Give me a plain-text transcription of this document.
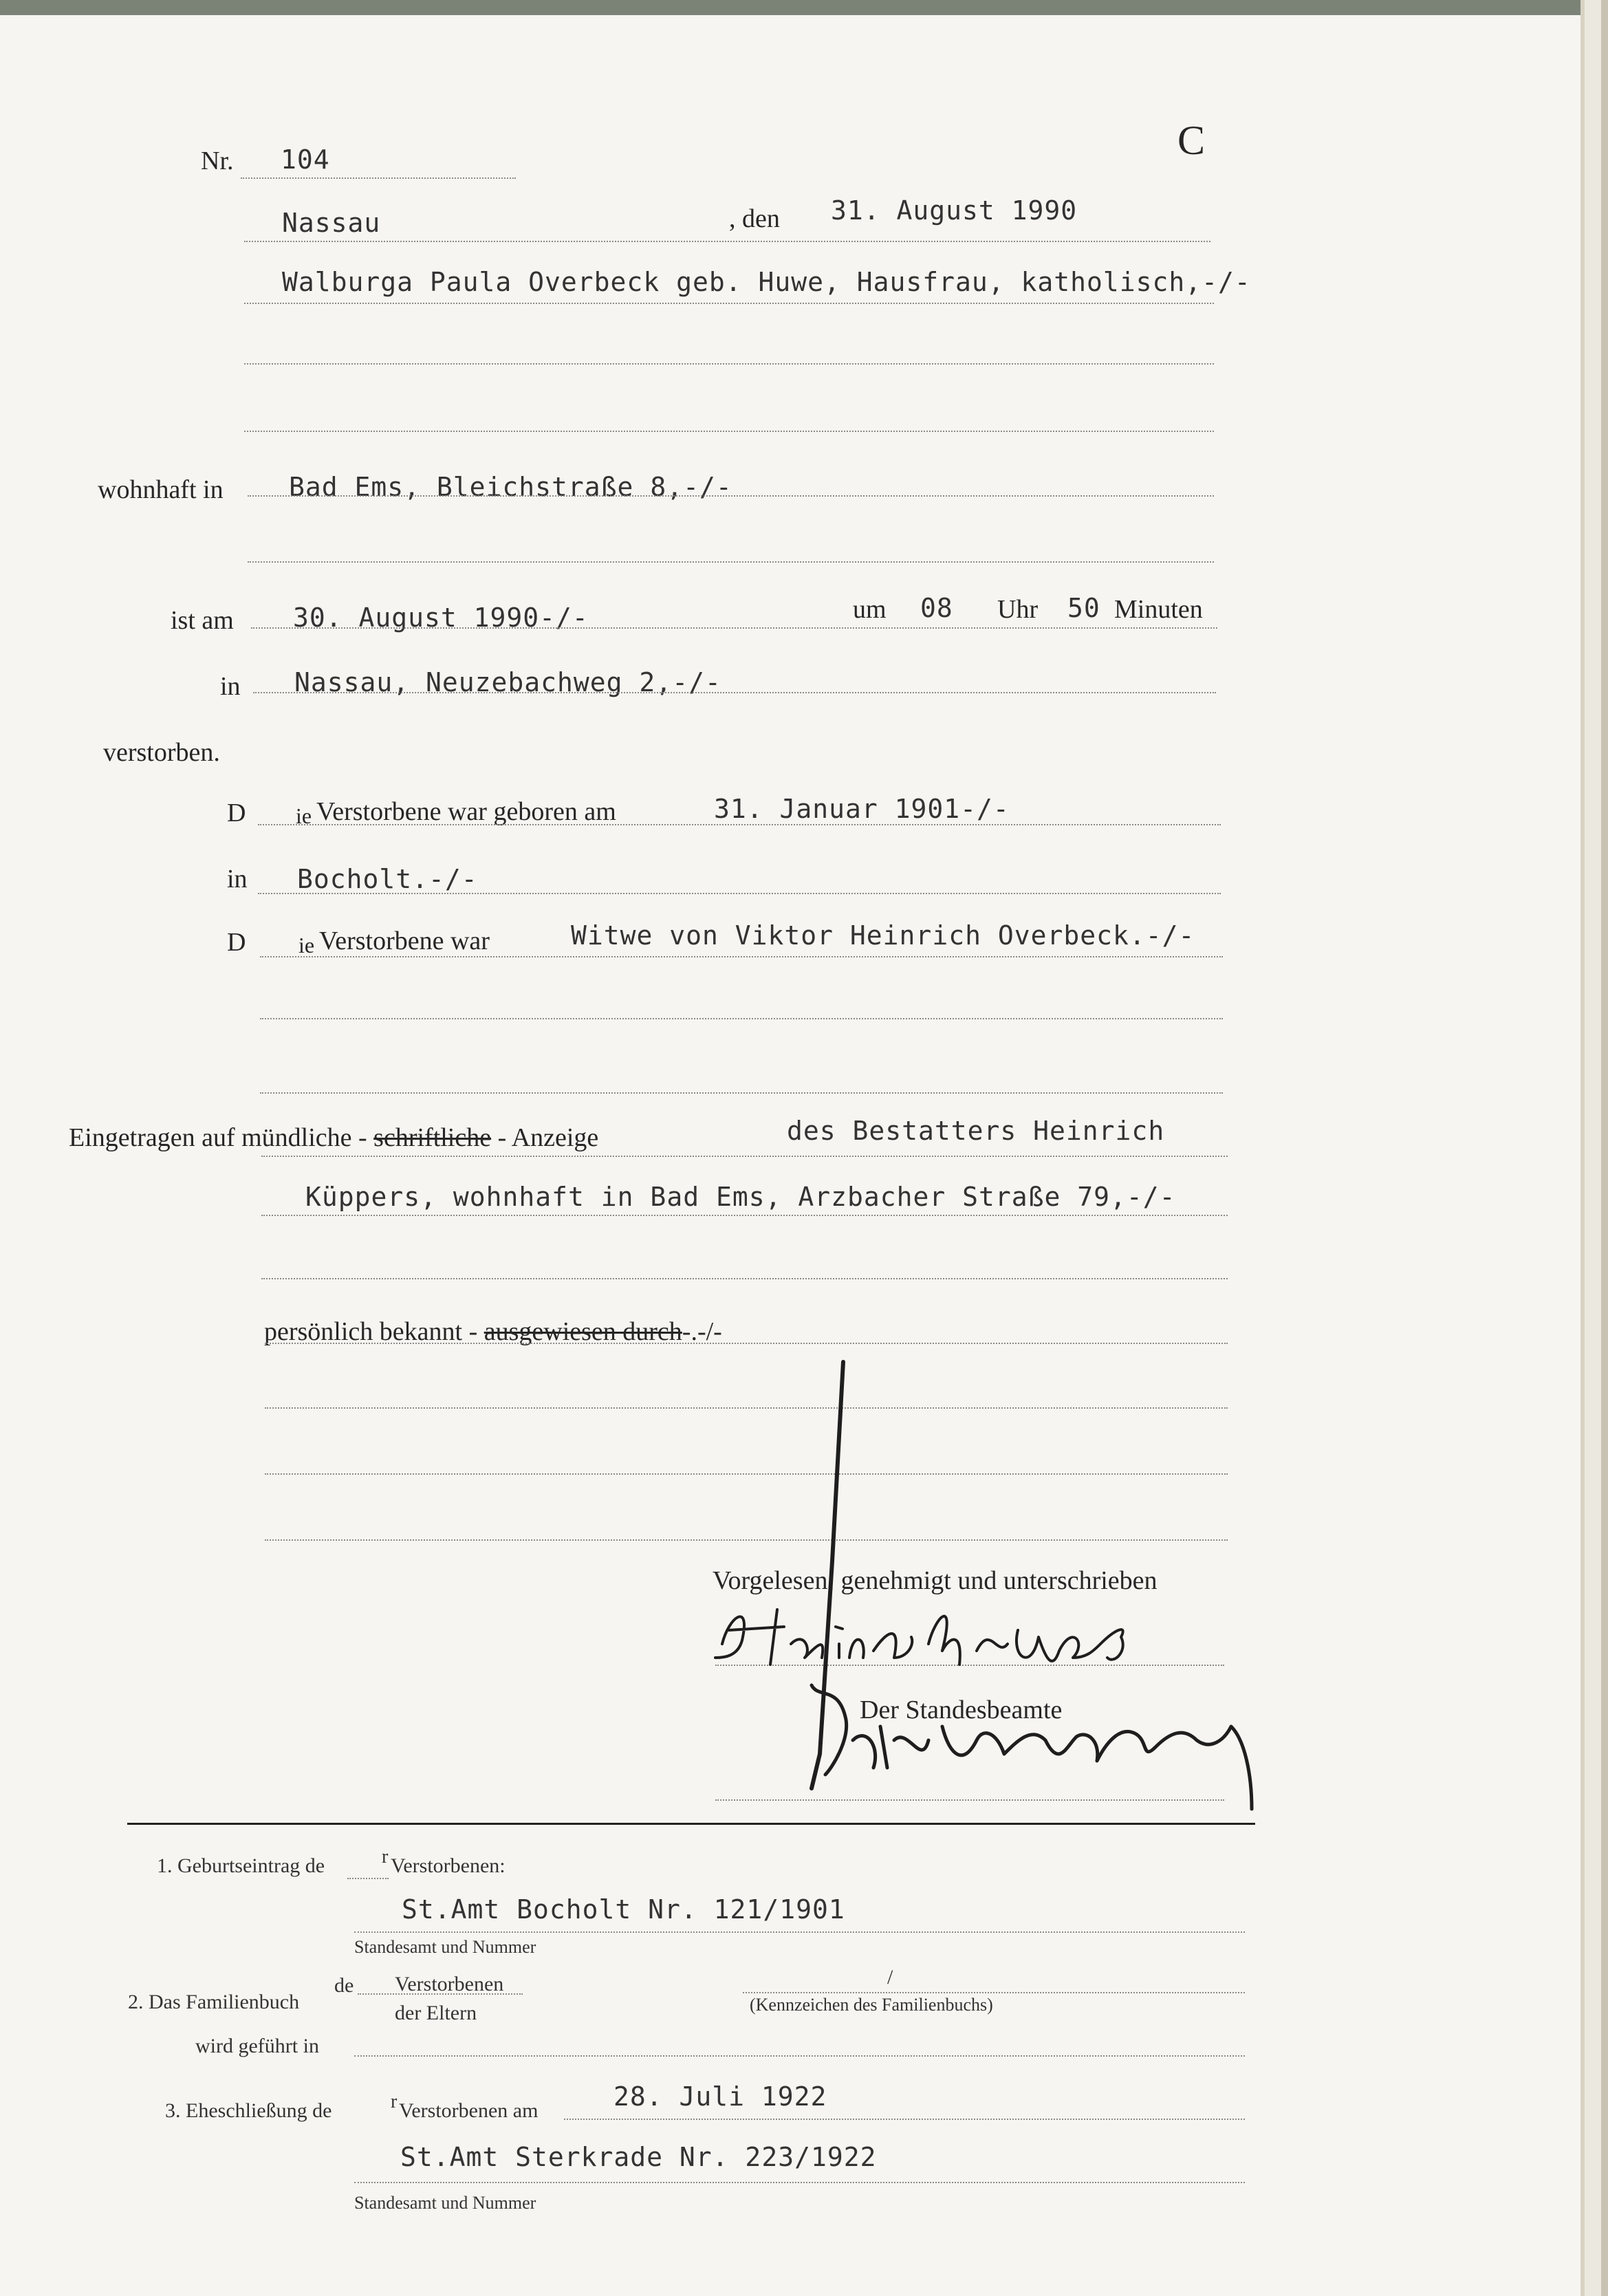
C
Nr. 104
Nassau	, den 31. August 1990
Walburga Paula Overbeck geb. Huwe, Hausfrau, katholisch,-/-
wohnhaft in	Bad Ems, Bleichstraße 8,-/-
ist am 30. August 1990-/-	um 08 Uhr 50 Minuten
in Nassau, Neuzebachweg 2,-/-
verstorben.
D ie Verstorbene war geboren am	31. Januar 1901-/-
in Bocholt.-/-
D ie Verstorbene war	Witwe von Viktor Heinrich Overbeck.-/-
Eingetragen auf mündliche - schriftliche - Anzeige	des Bestatters Heinrich
Küppers, wohnhaft in Bad Ems, Arzbacher Straße 79,-/-
persönlich bekannt - ausgewiesen durch-.-/-
Vorgelesen, genehmigt und unterschrieben
Der Standesbeamte
1. Geburtseintrag de	r Verstorbenen:
St.Amt Bocholt Nr. 121/1901
Standesamt und Nummer
2. Das Familienbuch
de Verstorbenen
der Eltern
/
(Kennzeichen des Familienbuchs)
wird geführt in
3. Eheschließung de	r Verstorbenen am	28. Juli 1922
St.Amt Sterkrade Nr. 223/1922
Standesamt und Nummer
